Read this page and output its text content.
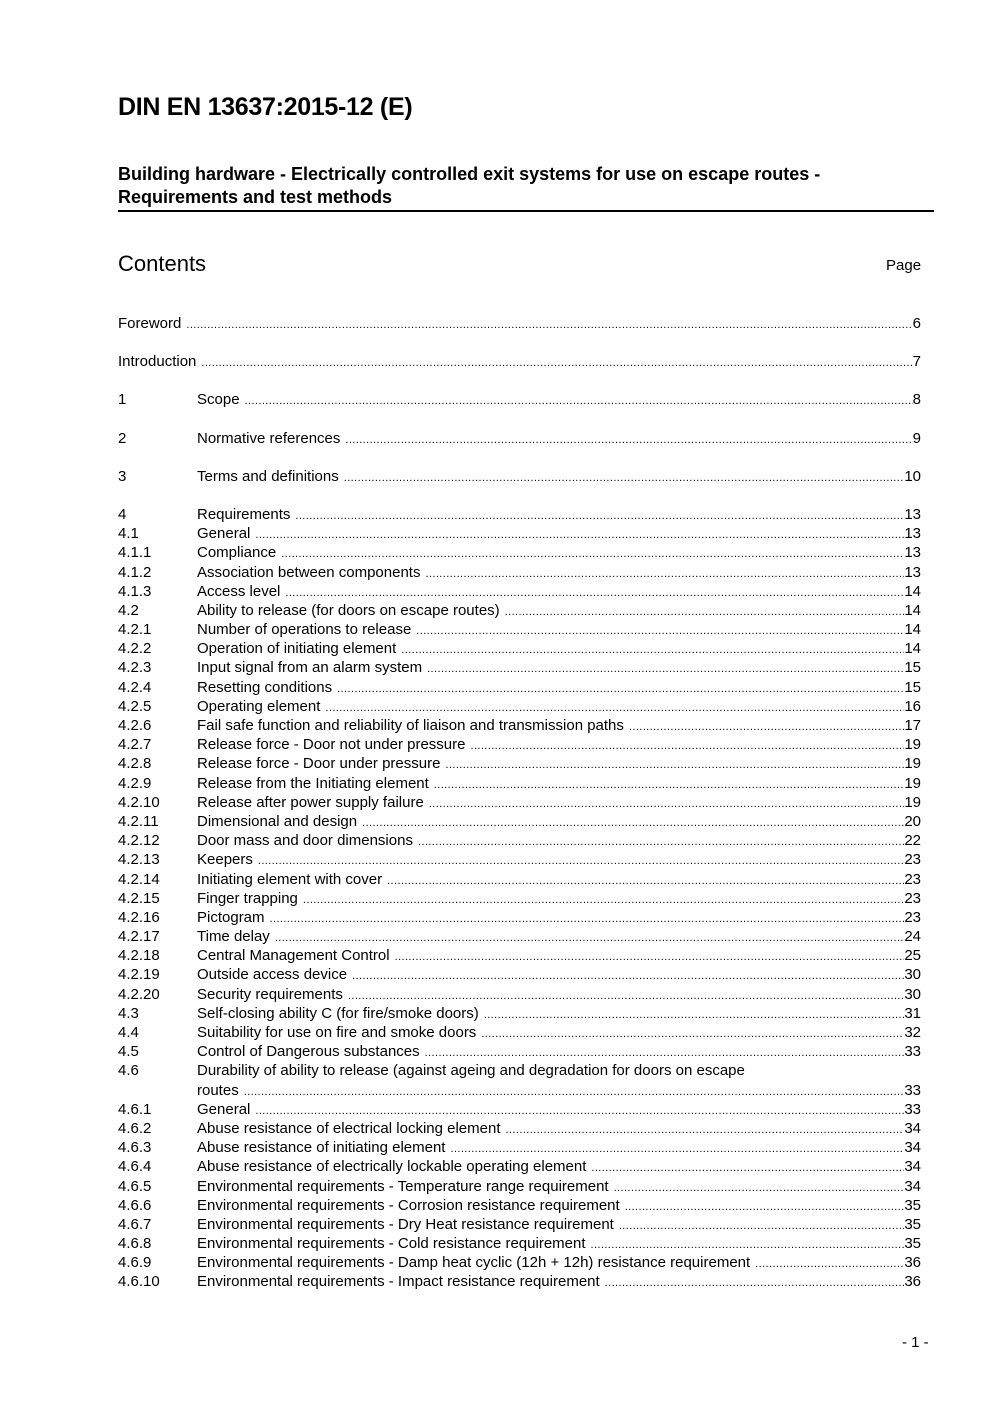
DIN EN 13637:2015-12 (E)
Building hardware - Electrically controlled exit systems for use on escape routes - Requirements and test methods
Contents	Page
Foreword .....	6
Introduction .....	7
1	Scope .....	8
2	Normative references .....	9
3	Terms and definitions .....	10
4	Requirements .....	13
4.1	General .....	13
4.1.1	Compliance .....	13
4.1.2	Association between components .....	13
4.1.3	Access level .....	14
4.2	Ability to release (for doors on escape routes) .....	14
4.2.1	Number of operations to release .....	14
4.2.2	Operation of initiating element .....	14
4.2.3	Input signal from an alarm system .....	15
4.2.4	Resetting conditions .....	15
4.2.5	Operating element .....	16
4.2.6	Fail safe function and reliability of liaison and transmission paths .....	17
4.2.7	Release force - Door not under pressure .....	19
4.2.8	Release force - Door under pressure .....	19
4.2.9	Release from the Initiating element .....	19
4.2.10 Release after power supply failure .....	19
4.2.11	Dimensional and design .....	20
4.2.12 Door mass and door dimensions .....	22
4.2.13 Keepers .....	23
4.2.14 Initiating element with cover .....	23
4.2.15 Finger trapping .....	23
4.2.16 Pictogram .....	23
4.2.17 Time delay .....	24
4.2.18 Central Management Control .....	25
4.2.19 Outside access device .....	30
4.2.20 Security requirements .....	30
4.3	Self-closing ability C (for fire/smoke doors) .....	31
4.4	Suitability for use on fire and smoke doors .....	32
4.5	Control of Dangerous substances .....	33
4.6	Durability of ability to release (against ageing and degradation for doors on escape
routes .....	33
4.6.1	General .....	33
4.6.2	Abuse resistance of electrical locking element .....	34
4.6.3	Abuse resistance of initiating element .....	34
4.6.4	Abuse resistance of electrically lockable operating element .....	34
4.6.5	Environmental requirements - Temperature range requirement .....	34
4.6.6	Environmental requirements - Corrosion resistance requirement .....	35
4.6.7	Environmental requirements - Dry Heat resistance requirement .....	35
4.6.8	Environmental requirements - Cold resistance requirement .....	35
4.6.9	Environmental requirements - Damp heat cyclic (12h + 12h) resistance requirement .....	36
4.6.10 Environmental requirements - Impact resistance requirement .....	36
- 1 -
